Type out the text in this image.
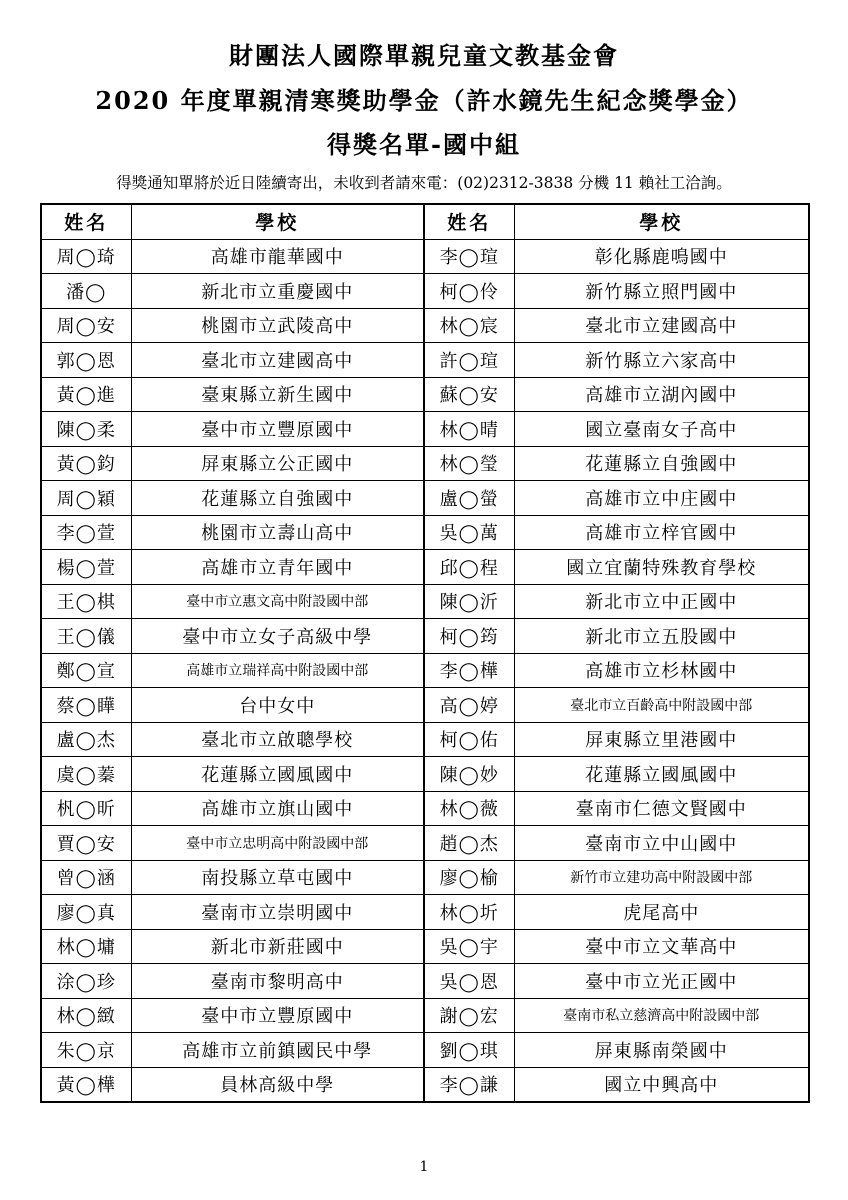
財團法人國際單親兒童文教基金會
2020 年度單親清寒獎助學金（許水鏡先生紀念獎學金）
得獎名單-國中組
得獎通知單將於近日陸續寄出，未收到者請來電：(02)2312-3838 分機 11 賴社工洽詢。
姓名	學校	姓名	學校
周◯琦	高雄市龍華國中	李◯瑄	彰化縣鹿鳴國中
潘◯	新北市立重慶國中	柯◯伶	新竹縣立照門國中
周◯安	桃園市立武陵高中	林◯宸	臺北市立建國高中
郭◯恩	臺北市立建國高中	許◯瑄	新竹縣立六家高中
黃◯進	臺東縣立新生國中	蘇◯安	高雄市立湖內國中
陳◯柔	臺中市立豐原國中	林◯晴	國立臺南女子高中
黃◯鈞	屏東縣立公正國中	林◯瑩	花蓮縣立自強國中
周◯穎	花蓮縣立自強國中	盧◯螢	高雄市立中庄國中
李◯萱	桃園市立壽山高中	吳◯萬	高雄市立梓官國中
楊◯萱	高雄市立青年國中	邱◯程	國立宜蘭特殊教育學校
王◯棋	臺中市立惠文高中附設國中部	陳◯沂	新北市立中正國中
王◯儀	臺中市立女子高級中學	柯◯筠	新北市立五股國中
鄭◯宣	高雄市立瑞祥高中附設國中部	李◯樺	高雄市立杉林國中
蔡◯瞱	台中女中	高◯婷	臺北市立百齡高中附設國中部
盧◯杰	臺北市立啟聰學校	柯◯佑	屏東縣立里港國中
虞◯蓁	花蓮縣立國風國中	陳◯妙	花蓮縣立國風國中
杋◯昕	高雄市立旗山國中	林◯薇	臺南市仁德文賢國中
賈◯安	臺中市立忠明高中附設國中部	趙◯杰	臺南市立中山國中
曾◯涵	南投縣立草屯國中	廖◯榆	新竹市立建功高中附設國中部
廖◯真	臺南市立崇明國中	林◯圻	虎尾高中
林◯墉	新北市新莊國中	吳◯宇	臺中市立文華高中
涂◯珍	臺南市黎明高中	吳◯恩	臺中市立光正國中
林◯緻	臺中市立豐原國中	謝◯宏	臺南市私立慈濟高中附設國中部
朱◯京	高雄市立前鎮國民中學	劉◯琪	屏東縣南榮國中
黃◯樺	員林高級中學	李◯謙	國立中興高中
1
